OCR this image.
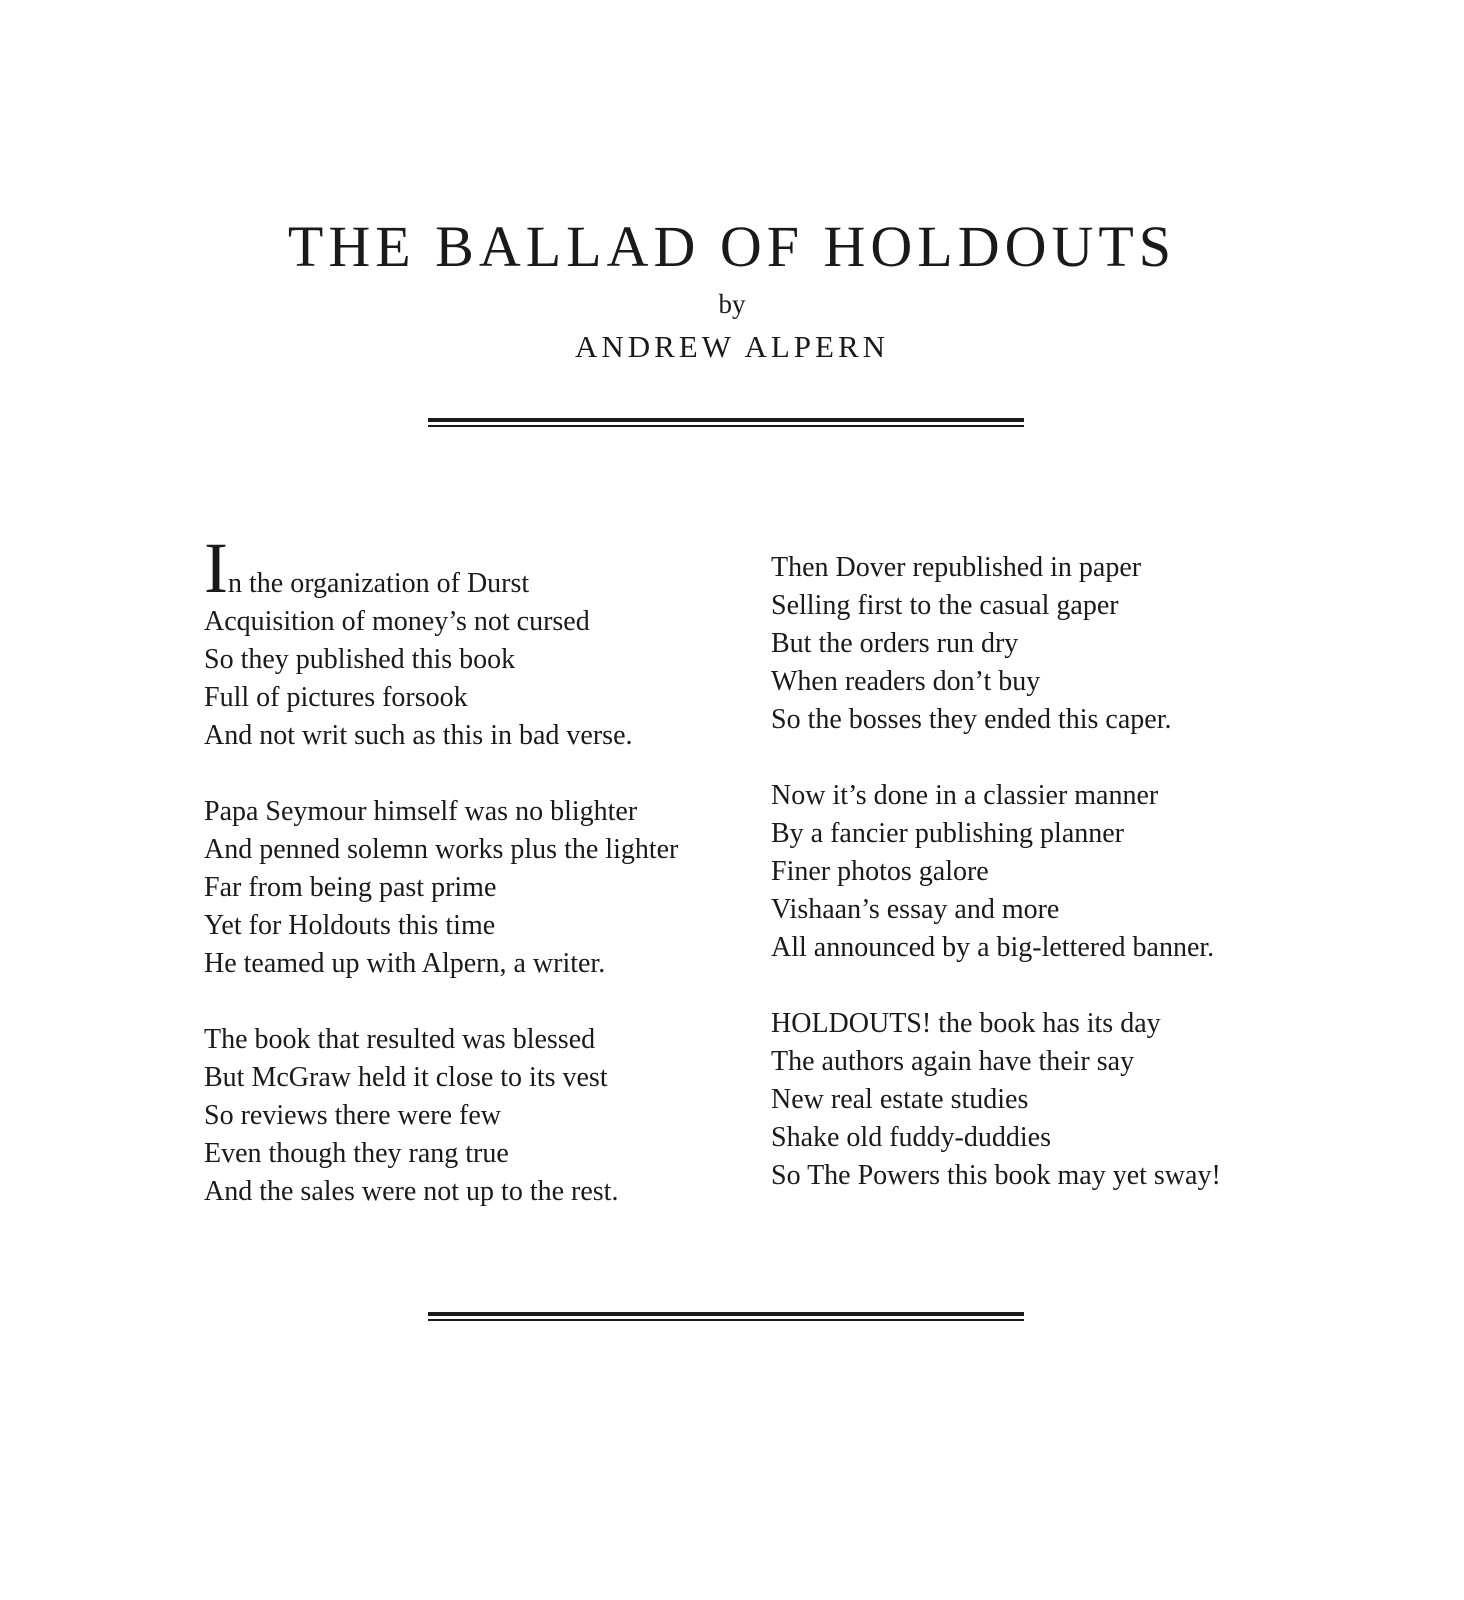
THE BALLAD OF HOLDOUTS
by
ANDREW ALPERN
In the organization of Durst
Acquisition of money’s not cursed
So they published this book
Full of pictures forsook
And not writ such as this in bad verse.
Papa Seymour himself was no blighter
And penned solemn works plus the lighter
Far from being past prime
Yet for Holdouts this time
He teamed up with Alpern, a writer.
The book that resulted was blessed
But McGraw held it close to its vest
So reviews there were few
Even though they rang true
And the sales were not up to the rest.
Then Dover republished in paper
Selling first to the casual gaper
But the orders run dry
When readers don’t buy
So the bosses they ended this caper.
Now it’s done in a classier manner
By a fancier publishing planner
Finer photos galore
Vishaan’s essay and more
All announced by a big-lettered banner.
HOLDOUTS! the book has its day
The authors again have their say
New real estate studies
Shake old fuddy-duddies
So The Powers this book may yet sway!
